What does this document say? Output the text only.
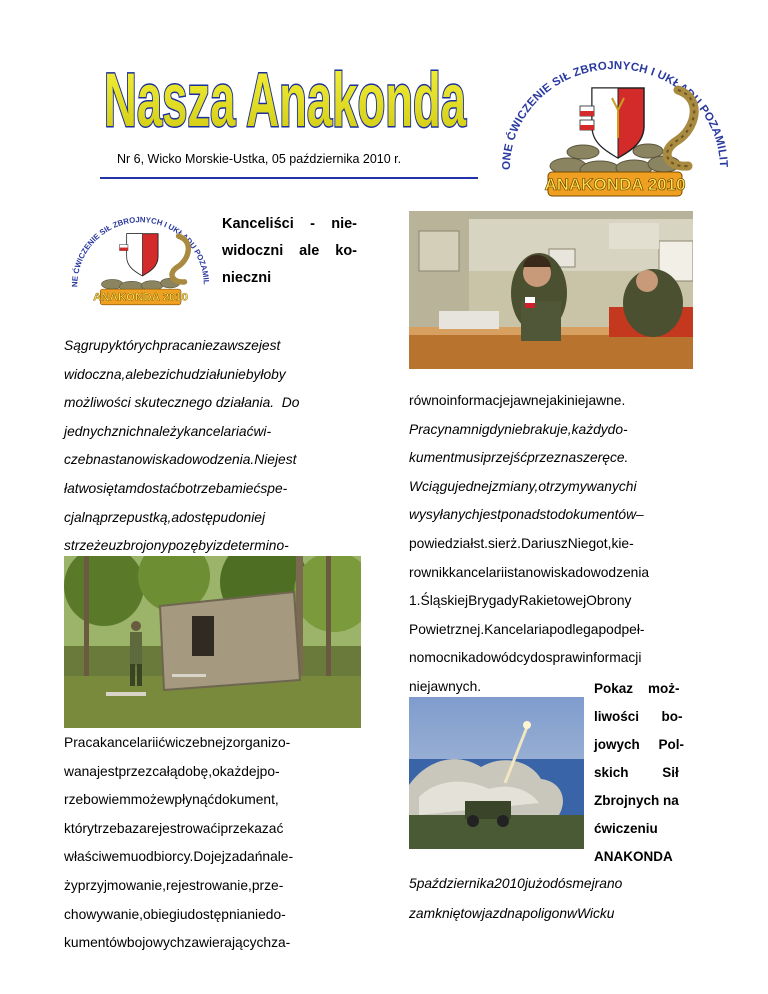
Nasza Anakonda
Nr 6, Wicko Morskie-Ustka, 05 października 2010 r.
POŁĄCZONE ĆWICZENIE SIŁ ZBROJNYCH I UKŁADU POZAMILITARNEGO
ANAKONDA 2010
POŁĄCZONE ĆWICZENIE SIŁ ZBROJNYCH I UKŁADU POZAMILITARNEGO
ANAKONDA 2010
Kanceliści - nie-
widoczni ale ko-
nieczni
Sągrupyktórychpracaniezawszejest
widoczna,alebezichudziałuniebyłoby
możliwości skutecznego działania.  Do
jednychznichnależykancelariaćwi-
czebnastanowiskadowodzenia.Niejest
łatwosiętamdostaćbotrzebamiećspe-
cjalnąprzepustką,adostępudoniej
strzeżeuzbrojonypozębyizdetermino-
równoinformacjejawnejakiniejawne.
Pracynamnigdyniebrakuje,każdydo-
kumentmusiprzejśćprzeznaszeręce.
Wciągujednejzmiany,otrzymywanychi
wysyłanychjestponadstodokumentów–
powiedziałst.sierż.DariuszNiegot,kie-
rownikkancelariistanowiskadowodzenia
1.ŚląskiejBrygadyRakietowejObrony
Powietrznej.Kancelariapodlegapodpeł-
nomocnikadowódcydosprawinformacji
niejawnych.
Pracakancelariićwiczebnejzorganizo-
wanajestprzezcałądobę,okażdejpo-
rzebowiemmożewpłynąćdokument,
którytrzebazarejestrowaćiprzekazać
właściwemuodbiorcy.Dojejzadańnale-
żyprzyjmowanie,rejestrowanie,prze-
chowywanie,obiegiudostępnianiedo-
kumentówbojowychzawierającychza-
Pokaz    moż-
liwości      bo-
jowych     Pol-
skich         Sił
Zbrojnych na
ćwiczeniu
ANAKONDA
5października2010jużodósmejrano
zamkniętowjazdnapoligonwWicku
